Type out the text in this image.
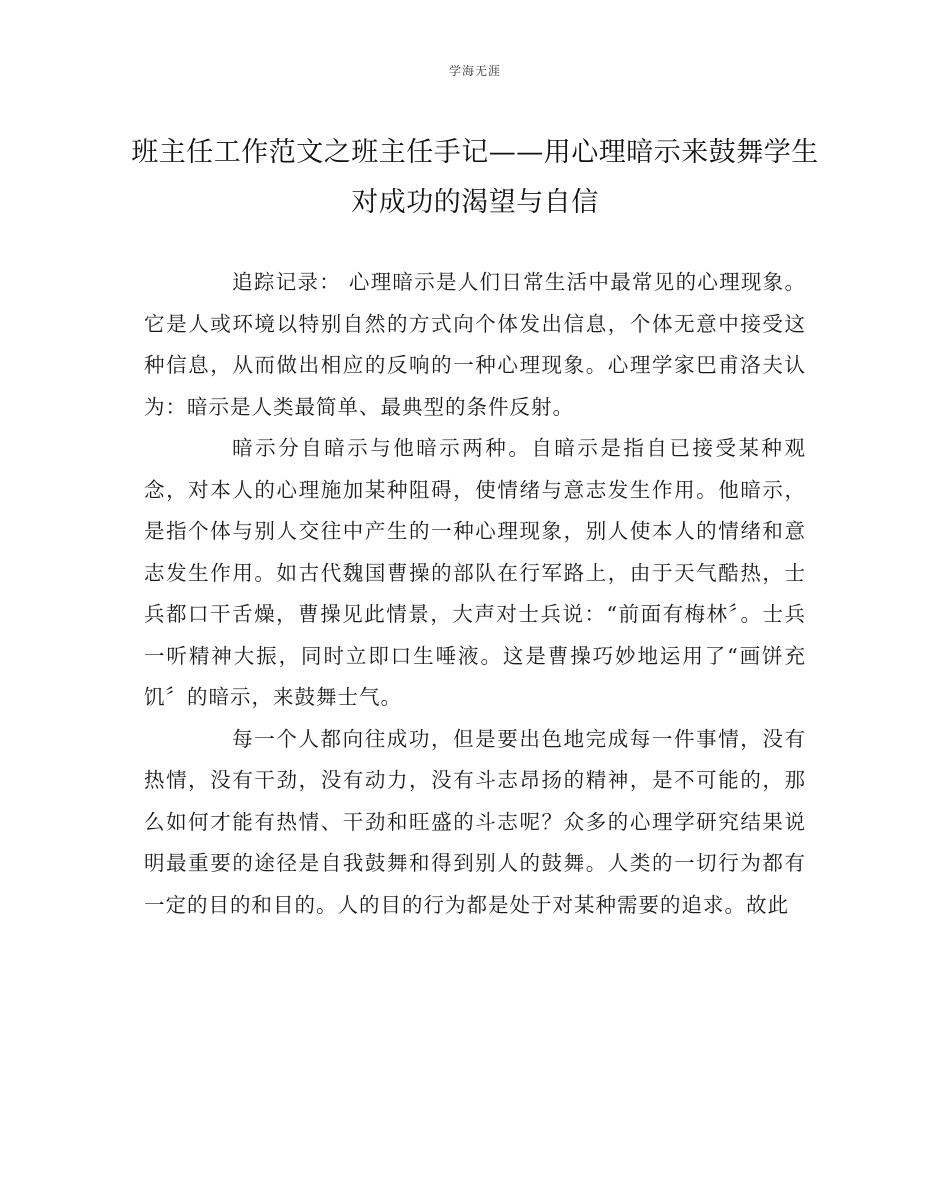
学海无涯
班主任工作范文之班主任手记——用心理暗示来鼓舞学生对成功的渴望与自信

追踪记录： 心理暗示是人们日常生活中最常见的心理现象。它是人或环境以特别自然的方式向个体发出信息，个体无意中接受这种信息，从而做出相应的反响的一种心理现象。心理学家巴甫洛夫认为：暗示是人类最简单、最典型的条件反射。

暗示分自暗示与他暗示两种。自暗示是指自已接受某种观念，对本人的心理施加某种阻碍，使情绪与意志发生作用。他暗示，是指个体与别人交往中产生的一种心理现象，别人使本人的情绪和意志发生作用。如古代魏国曹操的部队在行军路上，由于天气酷热，士兵都口干舌燥，曹操见此情景，大声对士兵说：“前面有梅林〞。士兵一听精神大振，同时立即口生唾液。这是曹操巧妙地运用了“画饼充饥〞的暗示，来鼓舞士气。

每一个人都向往成功，但是要出色地完成每一件事情，没有热情，没有干劲，没有动力，没有斗志昂扬的精神，是不可能的，那么如何才能有热情、干劲和旺盛的斗志呢？众多的心理学研究结果说明最重要的途径是自我鼓舞和得到别人的鼓舞。人类的一切行为都有一定的目的和目的。人的目的行为都是处于对某种需要的追求。故此
